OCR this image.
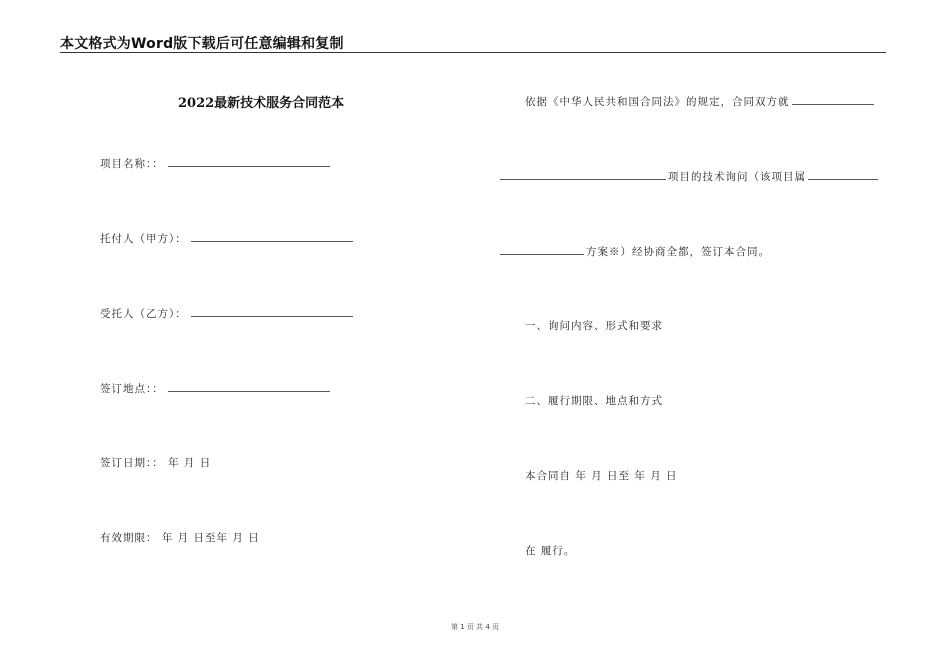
本文格式为Word版下载后可任意编辑和复制
2022最新技术服务合同范本
项目名称：：
托付人（甲方）：
受托人（乙方）：
签订地点：：
签订日期：： 年 月 日
有效期限： 年 月 日至年 月 日
依据《中华人民共和国合同法》的规定，合同双方就
项目的技术询问（该项目属
方案※）经协商全都，签订本合同。
一、询问内容、形式和要求
二、履行期限、地点和方式
本合同自 年 月 日至 年 月 日
在 履行。
第 1 页 共 4 页
